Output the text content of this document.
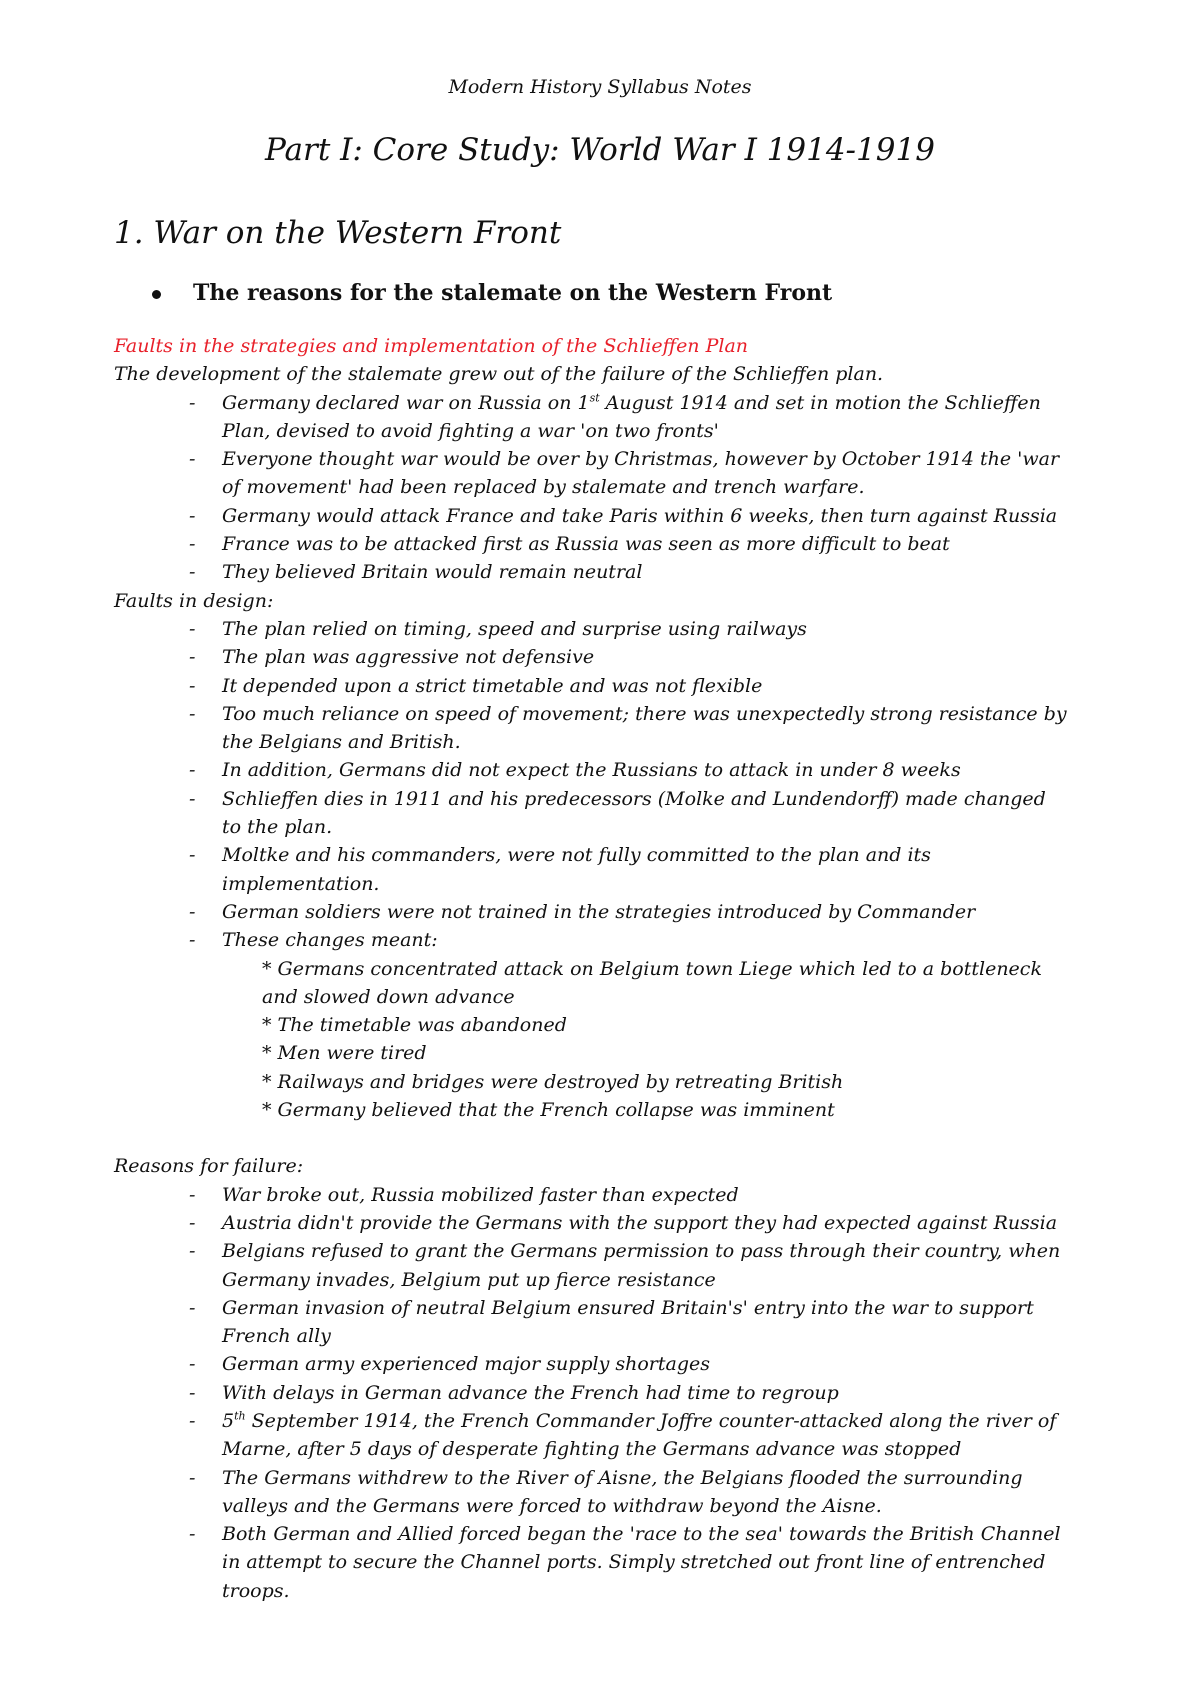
Modern History Syllabus Notes
Part I: Core Study: World War I 1914-1919
1. War on the Western Front
The reasons for the stalemate on the Western Front

Faults in the strategies and implementation of the Schlieffen Plan

The development of the stalemate grew out of the failure of the Schlieffen plan.

- Germany declared war on Russia on 1st August 1914 and set in motion the Schlieffen

Plan, devised to avoid fighting a war 'on two fronts'

- Everyone thought war would be over by Christmas, however by October 1914 the 'war

of movement' had been replaced by stalemate and trench warfare.

- Germany would attack France and take Paris within 6 weeks, then turn against Russia

- France was to be attacked first as Russia was seen as more difficult to beat

- They believed Britain would remain neutral

Faults in design:

- The plan relied on timing, speed and surprise using railways

- The plan was aggressive not defensive

- It depended upon a strict timetable and was not flexible

- Too much reliance on speed of movement; there was unexpectedly strong resistance by

the Belgians and British.

- In addition, Germans did not expect the Russians to attack in under 8 weeks

- Schlieffen dies in 1911 and his predecessors (Molke and Lundendorff) made changed

to the plan.

- Moltke and his commanders, were not fully committed to the plan and its

implementation.

- German soldiers were not trained in the strategies introduced by Commander

- These changes meant:

* Germans concentrated attack on Belgium town Liege which led to a bottleneck

and slowed down advance

* The timetable was abandoned

* Men were tired

* Railways and bridges were destroyed by retreating British

* Germany believed that the French collapse was imminent

Reasons for failure:

- War broke out, Russia mobilized faster than expected

- Austria didn't provide the Germans with the support they had expected against Russia

- Belgians refused to grant the Germans permission to pass through their country, when

Germany invades, Belgium put up fierce resistance

- German invasion of neutral Belgium ensured Britain's' entry into the war to support

French ally

- German army experienced major supply shortages

- With delays in German advance the French had time to regroup

- 5th September 1914, the French Commander Joffre counter-attacked along the river of

Marne, after 5 days of desperate fighting the Germans advance was stopped

- The Germans withdrew to the River of Aisne, the Belgians flooded the surrounding

valleys and the Germans were forced to withdraw beyond the Aisne.

- Both German and Allied forced began the 'race to the sea' towards the British Channel

in attempt to secure the Channel ports. Simply stretched out front line of entrenched

troops.
